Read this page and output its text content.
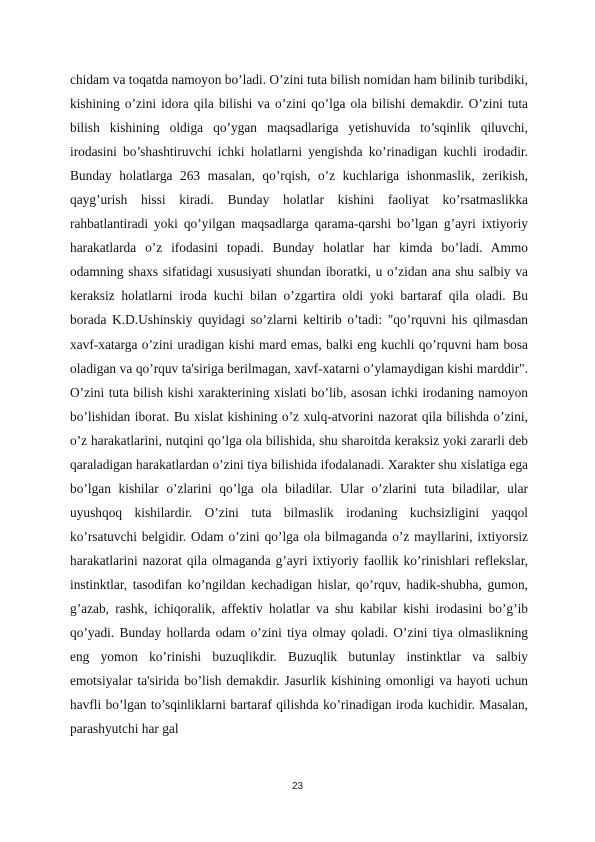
chidam va toqatda namoyon bo’ladi. O’zini tuta bilish nomidan ham bilinib turibdiki, kishining o’zini idora qila bilishi va o’zini qo’lga ola bilishi demakdir. O’zini tuta bilish kishining oldiga qo’ygan maqsadlariga yetishuvida to’sqinlik qiluvchi, irodasini bo’shashtiruvchi ichki holatlarni yengishda ko’rinadigan kuchli irodadir. Bunday holatlarga 263 masalan, qo’rqish, o’z kuchlariga ishonmaslik, zerikish, qayg’urish hissi kiradi. Bunday holatlar kishini faoliyat ko’rsatmaslikka rahbatlantiradi yoki qo’yilgan maqsadlarga qarama-qarshi bo’lgan g’ayri ixtiyoriy harakatlarda o’z ifodasini topadi. Bunday holatlar har kimda bo’ladi. Ammo odamning shaxs sifatidagi xususiyati shundan iboratki, u o’zidan ana shu salbiy va keraksiz holatlarni iroda kuchi bilan o’zgartira oldi yoki bartaraf qila oladi. Bu borada K.D.Ushinskiy quyidagi so’zlarni keltirib o’tadi: "qo’rquvni his qilmasdan xavf-xatarga o’zini uradigan kishi mard emas, balki eng kuchli qo’rquvni ham bosa oladigan va qo’rquv ta'siriga berilmagan, xavf-xatarni o’ylamaydigan kishi marddir". O’zini tuta bilish kishi xarakterining xislati bo’lib, asosan ichki irodaning namoyon bo’lishidan iborat. Bu xislat kishining o’z xulq-atvorini nazorat qila bilishda o’zini, o’z harakatlarini, nutqini qo’lga ola bilishida, shu sharoitda keraksiz yoki zararli deb qaraladigan harakatlardan o’zini tiya bilishida ifodalanadi. Xarakter shu xislatiga ega bo’lgan kishilar o’zlarini qo’lga ola biladilar. Ular o’zlarini tuta biladilar, ular uyushqoq kishilardir. O’zini tuta bilmaslik irodaning kuchsizligini yaqqol ko’rsatuvchi belgidir. Odam o’zini qo’lga ola bilmaganda o’z mayllarini, ixtiyorsiz harakatlarini nazorat qila olmaganda g’ayri ixtiyoriy faollik ko’rinishlari reflekslar, instinktlar, tasodifan ko’ngildan kechadigan hislar, qo’rquv, hadik-shubha, gumon, g’azab, rashk, ichiqoralik, affektiv holatlar va shu kabilar kishi irodasini bo’g’ib qo’yadi. Bunday hollarda odam o’zini tiya olmay qoladi. O’zini tiya olmaslikning eng yomon ko’rinishi buzuqlikdir. Buzuqlik butunlay instinktlar va salbiy emotsiyalar ta'sirida bo’lish demakdir. Jasurlik kishining omonligi va hayoti uchun havfli bo’lgan to’sqinliklarni bartaraf qilishda ko’rinadigan iroda kuchidir. Masalan, parashyutchi har gal

23
